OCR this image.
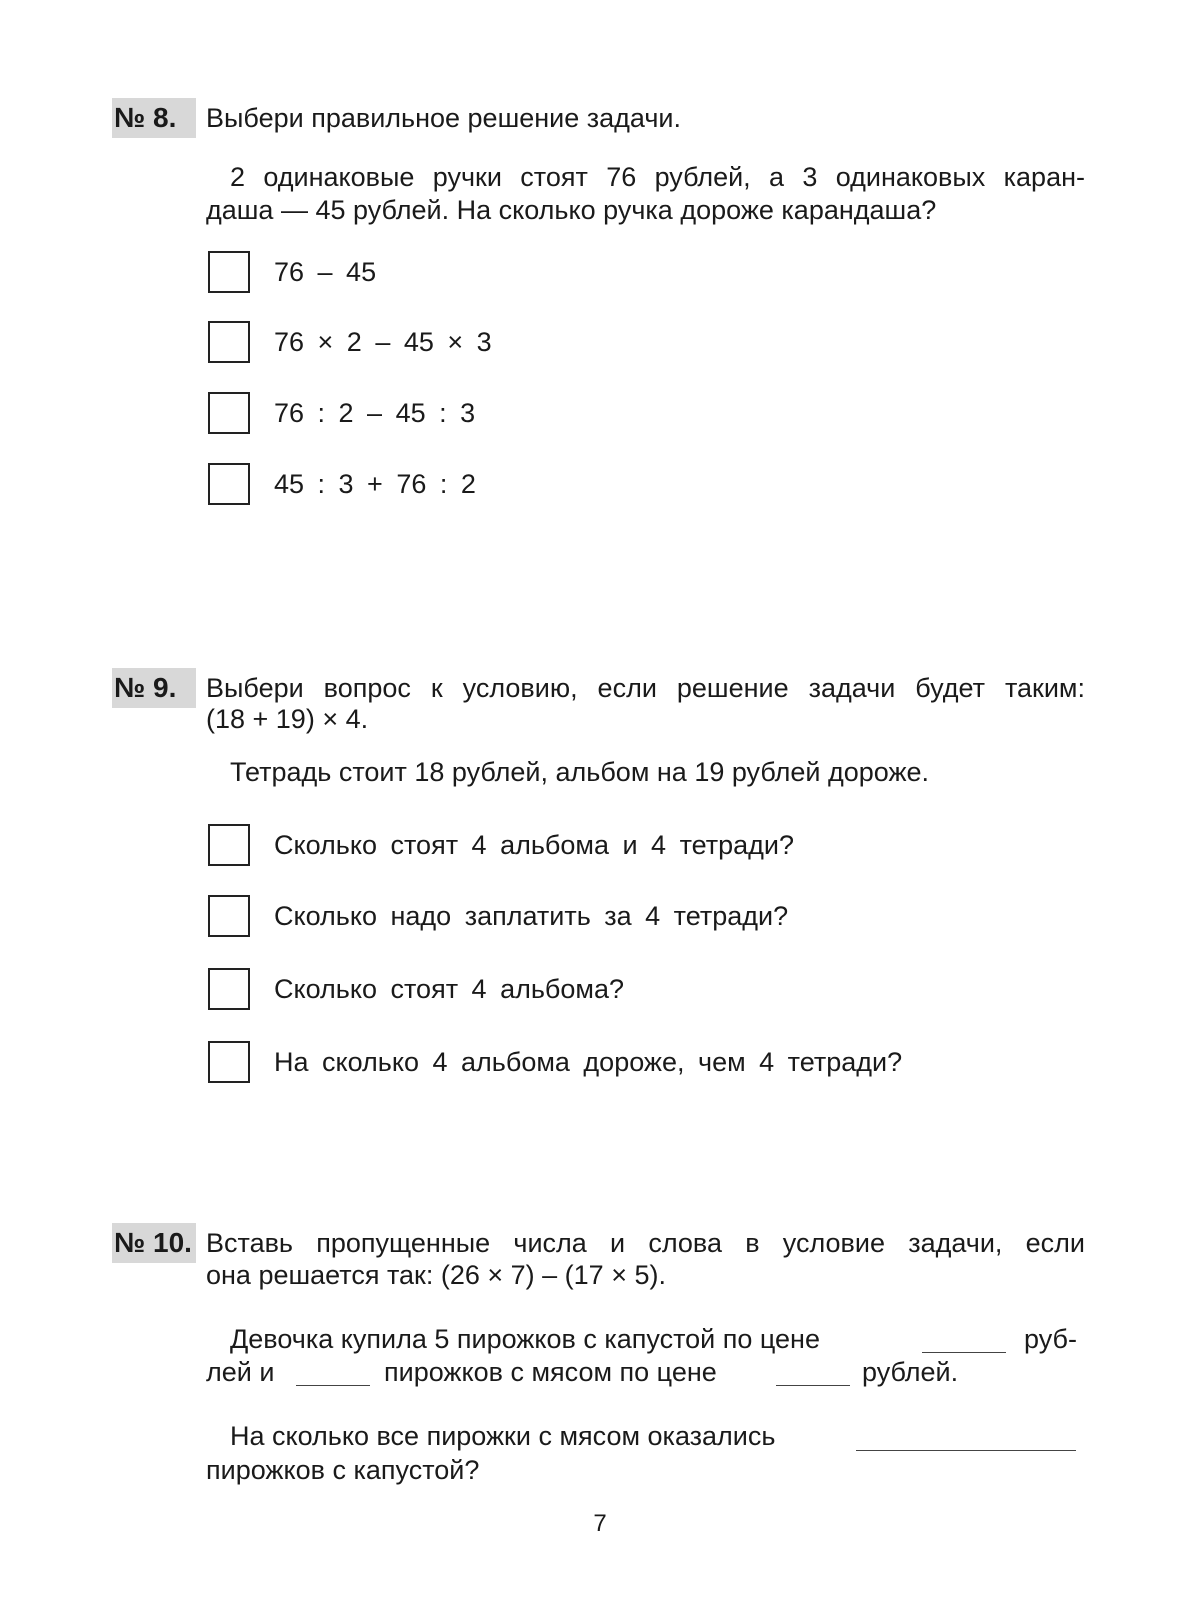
№ 8.	Выбери правильное решение задачи.
2 одинаковые ручки стоят 76 рублей, а 3 одинаковых каран-
даша — 45 рублей. На сколько ручка дороже карандаша?
76 – 45
76 × 2 – 45 × 3
76 : 2 – 45 : 3
45 : 3 + 76 : 2
№ 9.	Выбери вопрос к условию, если решение задачи будет таким:
(18 + 19) × 4.
Тетрадь стоит 18 рублей, альбом на 19 рублей дороже.
Сколько стоят 4 альбома и 4 тетради?
Сколько надо заплатить за 4 тетради?
Сколько стоят 4 альбома?
На сколько 4 альбома дороже, чем 4 тетради?
№ 10. Вставь пропущенные числа и слова в условие задачи, если
она решается так: (26 × 7) – (17 × 5).
Девочка купила 5 пирожков с капустой по цене	руб-
лей и	пирожков с мясом по цене	рублей.
На сколько все пирожки с мясом оказались
пирожков с капустой?
7
